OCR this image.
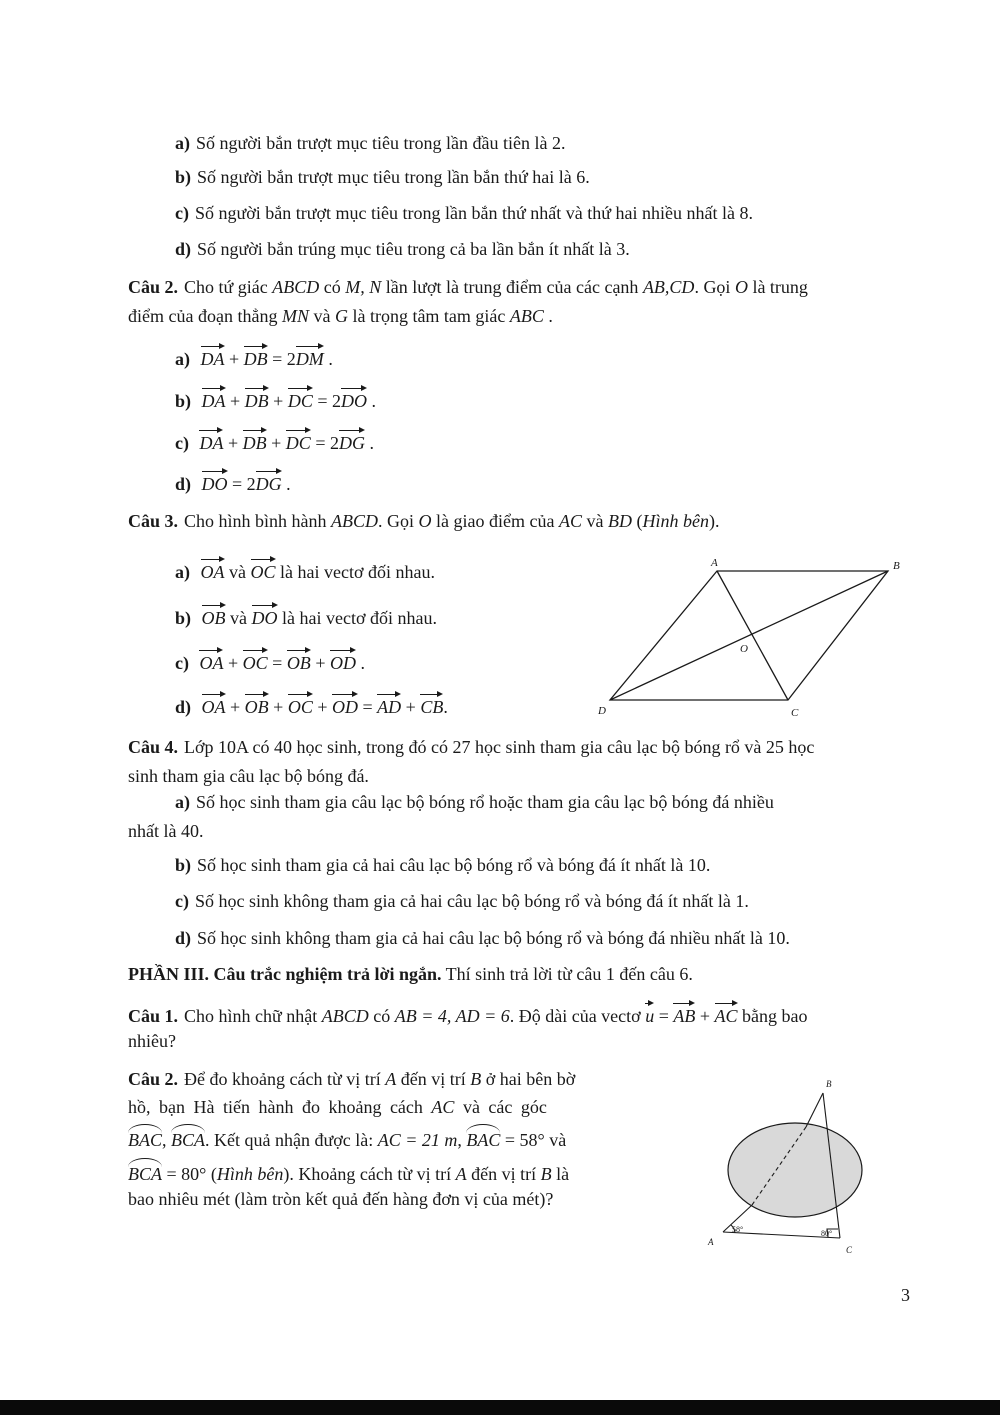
a) Số người bắn trượt mục tiêu trong lần đầu tiên là 2.
b) Số người bắn trượt mục tiêu trong lần bắn thứ hai là 6.
c) Số người bắn trượt mục tiêu trong lần bắn thứ nhất và thứ hai nhiều nhất là 8.
d) Số người bắn trúng mục tiêu trong cả ba lần bắn ít nhất là 3.
Câu 2. Cho tứ giác ABCD có M, N lần lượt là trung điểm của các cạnh AB,CD. Gọi O là trung
điểm của đoạn thẳng MN và G là trọng tâm tam giác ABC .
a) DA + DB = 2DM .
b) DA + DB + DC = 2DO .
c) DA + DB + DC = 2DG .
d) DO = 2DG .
Câu 3. Cho hình bình hành ABCD. Gọi O là giao điểm của AC và BD (Hình bên).
a) OA và OC là hai vectơ đối nhau.
b) OB và DO là hai vectơ đối nhau.
c) OA + OC = OB + OD .
d) OA + OB + OC + OD = AD + CB.
A	B
C
D
O
Câu 4. Lớp 10A có 40 học sinh, trong đó có 27 học sinh tham gia câu lạc bộ bóng rổ và 25 học
sinh tham gia câu lạc bộ bóng đá.
a) Số học sinh tham gia câu lạc bộ bóng rổ hoặc tham gia câu lạc bộ bóng đá nhiều
nhất là 40.
b) Số học sinh tham gia cả hai câu lạc bộ bóng rổ và bóng đá ít nhất là 10.
c) Số học sinh không tham gia cả hai câu lạc bộ bóng rổ và bóng đá ít nhất là 1.
d) Số học sinh không tham gia cả hai câu lạc bộ bóng rổ và bóng đá nhiều nhất là 10.
PHẦN III. Câu trắc nghiệm trả lời ngắn. Thí sinh trả lời từ câu 1 đến câu 6.
Câu 1. Cho hình chữ nhật ABCD có AB = 4, AD = 6. Độ dài của vectơ u = AB + AC bằng bao
nhiêu?
Câu 2. Để đo khoảng cách từ vị trí A đến vị trí B ở hai bên bờ
hồ, bạn Hà tiến hành đo khoảng cách AC và các góc
BAC, BCA. Kết quả nhận được là: AC = 21 m, BAC = 58° và
BCA = 80° (Hình bên). Khoảng cách từ vị trí A đến vị trí B là
bao nhiêu mét (làm tròn kết quả đến hàng đơn vị của mét)?
B
A
C
58°	80°
3
